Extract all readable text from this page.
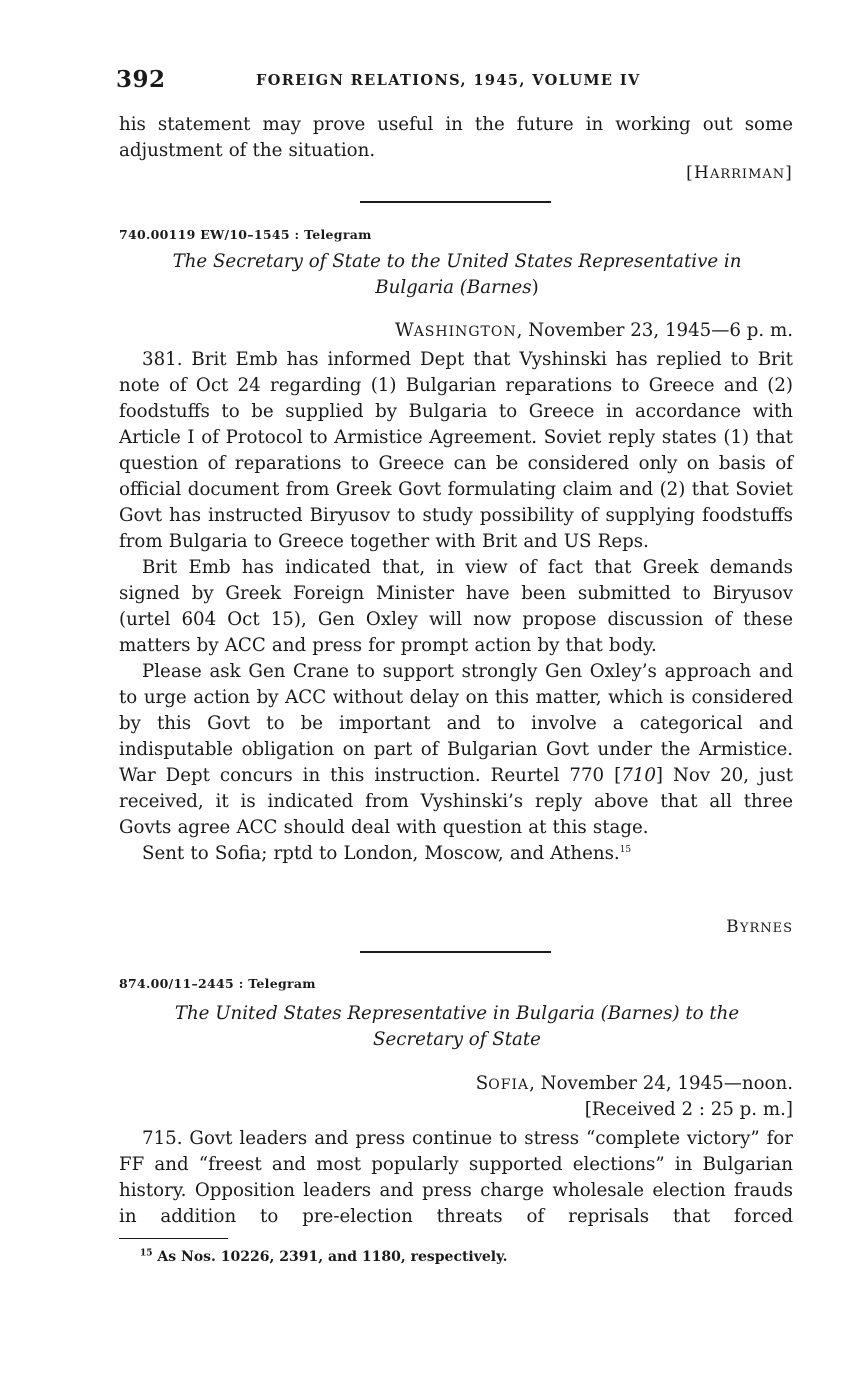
392	FOREIGN RELATIONS, 1945, VOLUME IV

his statement may prove useful in the future in working out some adjustment of the situation.

[HARRIMAN]
740.00119 EW/10–1545 : Telegram
The Secretary of State to the United States Representative in
Bulgaria (Barnes)
WASHINGTON, November 23, 1945—6 p. m.

381. Brit Emb has informed Dept that Vyshinski has replied to Brit note of Oct 24 regarding (1) Bulgarian reparations to Greece and (2) foodstuffs to be supplied by Bulgaria to Greece in accordance with Article I of Protocol to Armistice Agreement. Soviet reply states (1) that question of reparations to Greece can be considered only on basis of official document from Greek Govt formulating claim and (2) that Soviet Govt has instructed Biryusov to study possibility of supplying foodstuffs from Bulgaria to Greece together with Brit and US Reps.

Brit Emb has indicated that, in view of fact that Greek demands signed by Greek Foreign Minister have been submitted to Biryusov (urtel 604 Oct 15), Gen Oxley will now propose discussion of these matters by ACC and press for prompt action by that body.

Please ask Gen Crane to support strongly Gen Oxley’s approach and to urge action by ACC without delay on this matter, which is considered by this Govt to be important and to involve a categorical and indisputable obligation on part of Bulgarian Govt under the Armistice. War Dept concurs in this instruction. Reurtel 770 [710] Nov 20, just received, it is indicated from Vyshinski’s reply above that all three Govts agree ACC should deal with question at this stage.

Sent to Sofia; rptd to London, Moscow, and Athens.$^{15}$

BYRNES
874.00/11–2445 : Telegram
The United States Representative in Bulgaria (Barnes) to the
Secretary of State
SOFIA, November 24, 1945—noon.
[Received 2 : 25 p. m.]

715. Govt leaders and press continue to stress “complete victory” for FF and “freest and most popularly supported elections” in Bulgarian history. Opposition leaders and press charge wholesale election frauds in addition to pre-election threats of reprisals that forced

$^{15}$ As Nos. 10226, 2391, and 1180, respectively.
